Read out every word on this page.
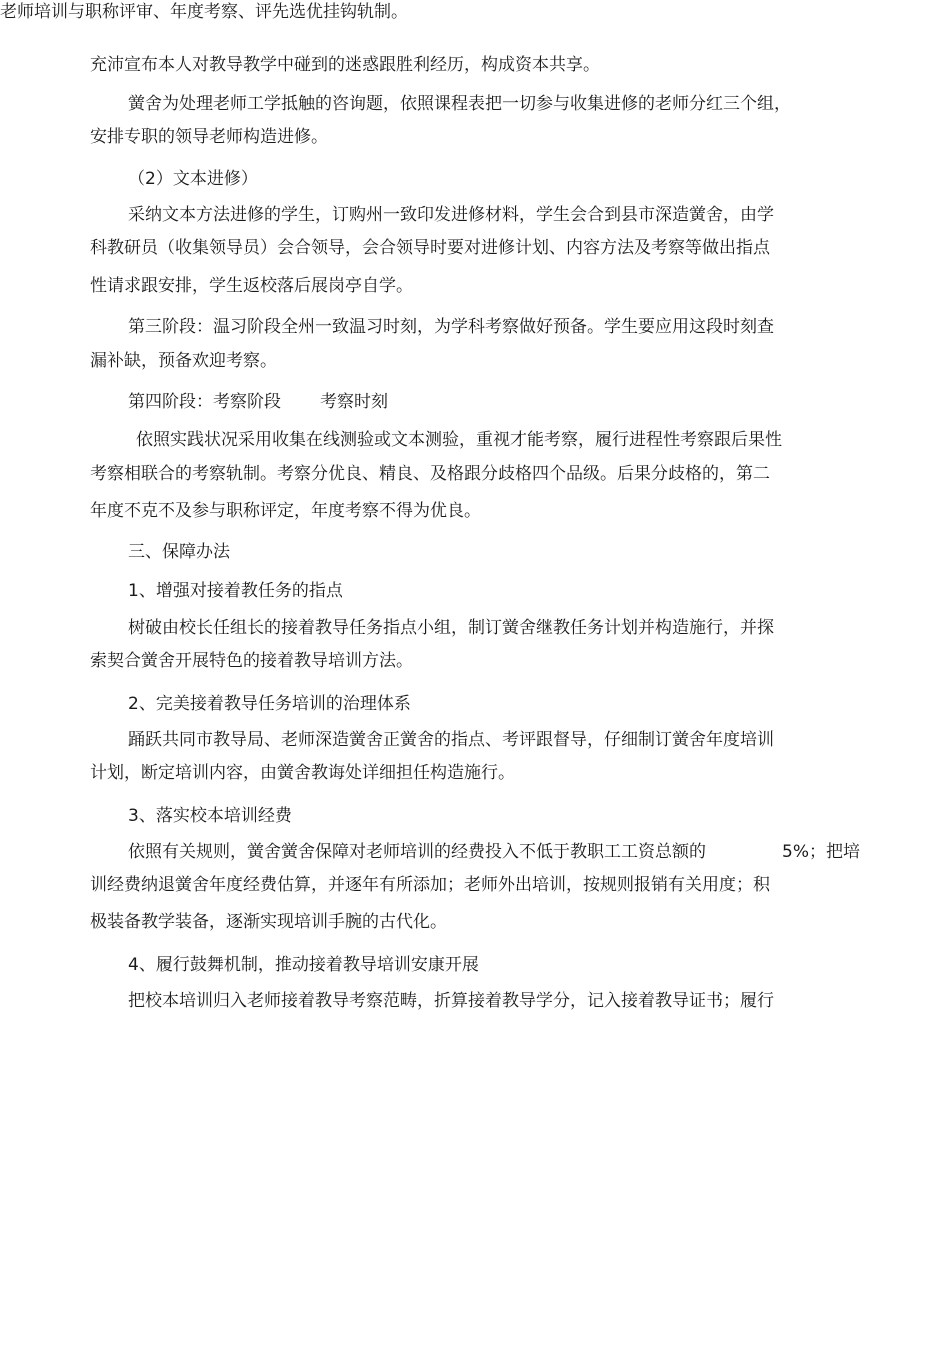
老师培训与职称评审、年度考察、评先选优挂钩轨制。
充沛宣布本人对教导教学中碰到的迷惑跟胜利经历，构成资本共享。
黉舍为处理老师工学抵触的咨询题，依照课程表把一切参与收集进修的老师分红三个组，
安排专职的领导老师构造进修。
（2）文本进修）
采纳文本方法进修的学生，订购州一致印发进修材料，学生会合到县市深造黉舍，由学
科教研员（收集领导员）会合领导，会合领导时要对进修计划、内容方法及考察等做出指点
性请求跟安排，学生返校落后展岗亭自学。
第三阶段：温习阶段全州一致温习时刻，为学科考察做好预备。学生要应用这段时刻查
漏补缺，预备欢迎考察。
第四阶段：考察阶段 考察时刻
依照实践状况采用收集在线测验或文本测验，重视才能考察，履行进程性考察跟后果性
考察相联合的考察轨制。考察分优良、精良、及格跟分歧格四个品级。后果分歧格的，第二
年度不克不及参与职称评定，年度考察不得为优良。
三、保障办法
1、增强对接着教任务的指点
树破由校长任组长的接着教导任务指点小组，制订黉舍继教任务计划并构造施行，并探
索契合黉舍开展特色的接着教导培训方法。
2、完美接着教导任务培训的治理体系
踊跃共同市教导局、老师深造黉舍正黉舍的指点、考评跟督导，仔细制订黉舍年度培训
计划，断定培训内容，由黉舍教诲处详细担任构造施行。
3、落实校本培训经费
依照有关规则，黉舍黉舍保障对老师培训的经费投入不低于教职工工资总额的	5%；把培
训经费纳退黉舍年度经费估算，并逐年有所添加；老师外出培训，按规则报销有关用度；积
极装备教学装备，逐渐实现培训手腕的古代化。
4、履行鼓舞机制，推动接着教导培训安康开展
把校本培训归入老师接着教导考察范畴，折算接着教导学分，记入接着教导证书；履行
